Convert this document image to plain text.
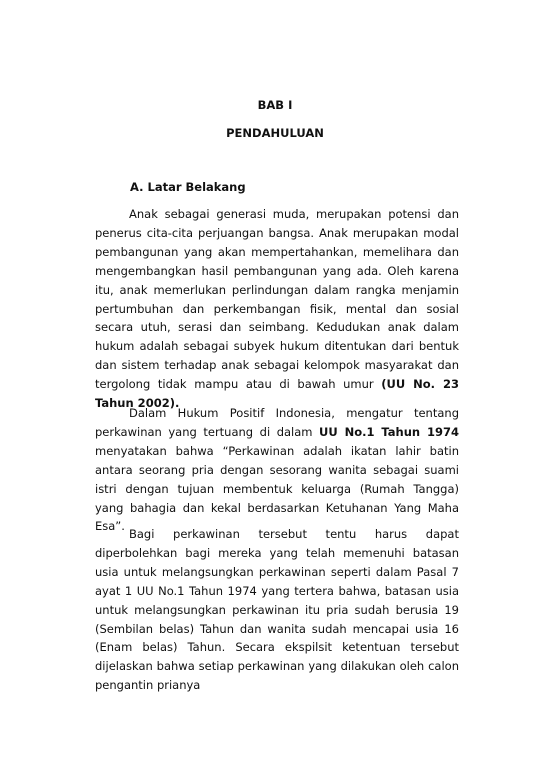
BAB I
PENDAHULUAN
A. Latar Belakang

Anak sebagai generasi muda, merupakan potensi dan penerus cita-cita perjuangan bangsa. Anak merupakan modal pembangunan yang akan mempertahankan, memelihara dan mengembangkan hasil pembangunan yang ada. Oleh karena itu, anak memerlukan perlindungan dalam rangka menjamin pertumbuhan dan perkembangan fisik, mental dan sosial secara utuh, serasi dan seimbang. Kedudukan anak dalam hukum adalah sebagai subyek hukum ditentukan dari bentuk dan sistem terhadap anak sebagai kelompok masyarakat dan tergolong tidak mampu atau di bawah umur (UU No. 23 Tahun 2002).

Dalam Hukum Positif Indonesia, mengatur tentang perkawinan yang tertuang di dalam UU No.1 Tahun 1974 menyatakan bahwa “Perkawinan adalah ikatan lahir batin antara seorang pria dengan sesorang wanita sebagai suami istri dengan tujuan membentuk keluarga (Rumah Tangga) yang bahagia dan kekal berdasarkan Ketuhanan Yang Maha Esa”.

Bagi perkawinan tersebut tentu harus dapat diperbolehkan bagi mereka yang telah memenuhi batasan usia untuk melangsungkan perkawinan seperti dalam Pasal 7 ayat 1 UU No.1 Tahun 1974 yang tertera bahwa, batasan usia untuk melangsungkan perkawinan itu pria sudah berusia 19 (Sembilan belas) Tahun dan wanita sudah mencapai usia 16 (Enam belas) Tahun. Secara ekspilsit ketentuan tersebut dijelaskan bahwa setiap perkawinan yang dilakukan oleh calon pengantin prianya
